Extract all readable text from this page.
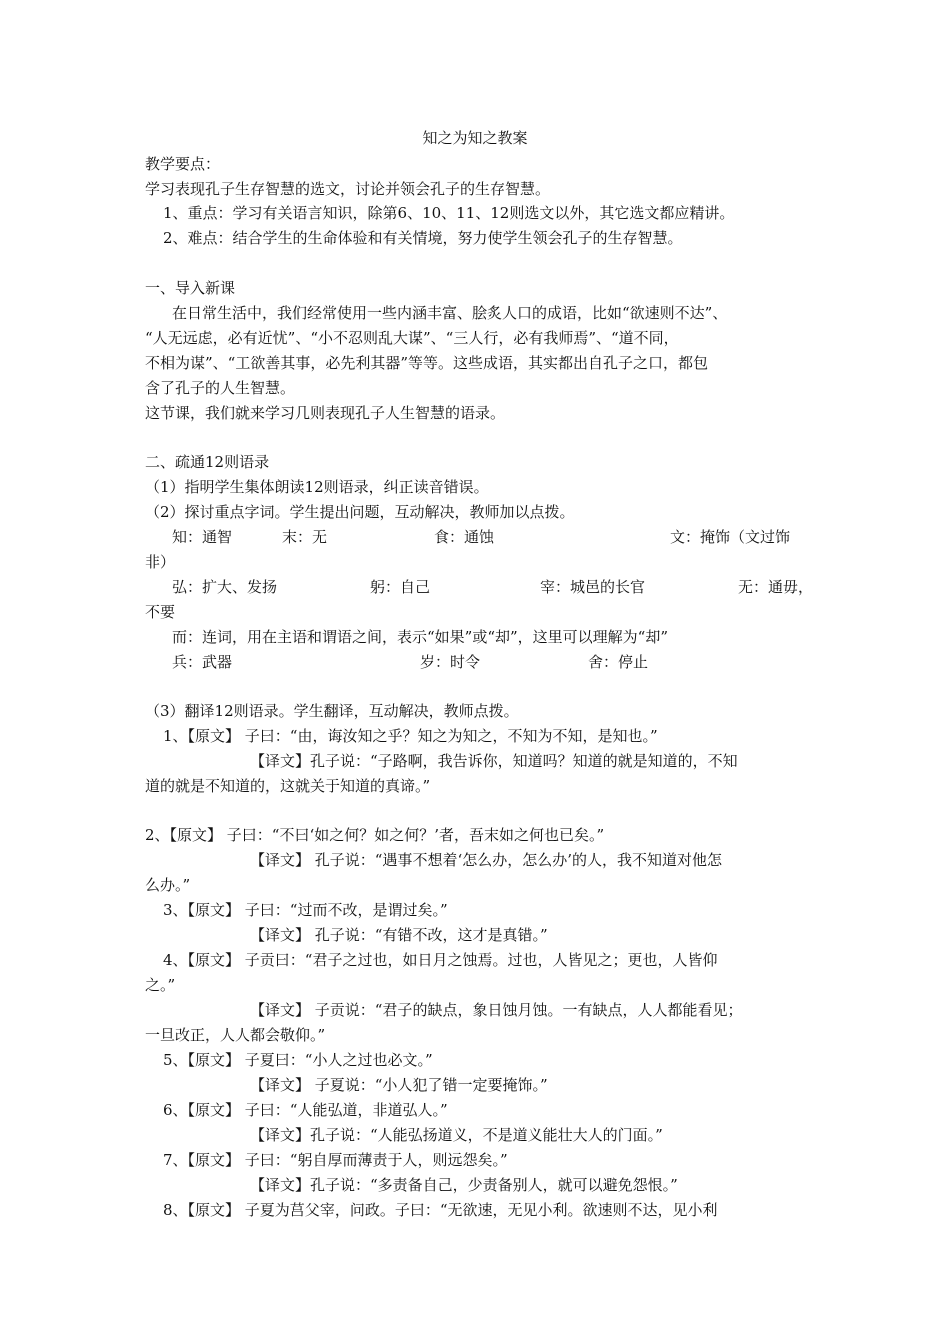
知之为知之教案
教学要点：
学习表现孔子生存智慧的选文，讨论并领会孔子的生存智慧。
1、重点：学习有关语言知识，除第6、10、11、12则选文以外，其它选文都应精讲。
2、难点：结合学生的生命体验和有关情境，努力使学生领会孔子的生存智慧。
一、导入新课
在日常生活中，我们经常使用一些内涵丰富、脍炙人口的成语，比如“欲速则不达”、
“人无远虑，必有近忧”、“小不忍则乱大谋”、“三人行，必有我师焉”、“道不同，
不相为谋”、“工欲善其事，必先利其器”等等。这些成语，其实都出自孔子之口，都包
含了孔子的人生智慧。
这节课，我们就来学习几则表现孔子人生智慧的语录。
二、疏通12则语录
（1）指明学生集体朗读12则语录，纠正读音错误。
（2）探讨重点字词。学生提出问题，互动解决，教师加以点拨。
知：通智	末：无	食：通蚀	文：掩饰（文过饰
非）
弘：扩大、发扬	躬：自己	宰：城邑的长官	无：通毋，
不要
而：连词，用在主语和谓语之间，表示“如果”或“却”，这里可以理解为“却”
兵：武器	岁：时令	舍：停止
（3）翻译12则语录。学生翻译，互动解决，教师点拨。
1、【原文】 子曰：“由，诲汝知之乎？知之为知之，不知为不知，是知也。”
【译文】孔子说：“子路啊，我告诉你，知道吗？知道的就是知道的，不知
道的就是不知道的，这就关于知道的真谛。”
2、【原文】 子曰：“不曰‘如之何？如之何？’者，吾末如之何也已矣。”
【译文】 孔子说：“遇事不想着‘怎么办，怎么办’的人，我不知道对他怎
么办。”
3、【原文】 子曰：“过而不改，是谓过矣。”
【译文】 孔子说：“有错不改，这才是真错。”
4、【原文】 子贡曰：“君子之过也，如日月之蚀焉。过也，人皆见之；更也，人皆仰
之。”
【译文】 子贡说：“君子的缺点，象日蚀月蚀。一有缺点，人人都能看见；
一旦改正，人人都会敬仰。”
5、【原文】 子夏曰：“小人之过也必文。”
【译文】 子夏说：“小人犯了错一定要掩饰。”
6、【原文】 子曰：“人能弘道，非道弘人。”
【译文】孔子说：“人能弘扬道义，不是道义能壮大人的门面。”
7、【原文】 子曰：“躬自厚而薄责于人，则远怨矣。”
【译文】孔子说：“多责备自己，少责备别人，就可以避免怨恨。”
8、【原文】 子夏为莒父宰，问政。子曰：“无欲速，无见小利。欲速则不达，见小利
